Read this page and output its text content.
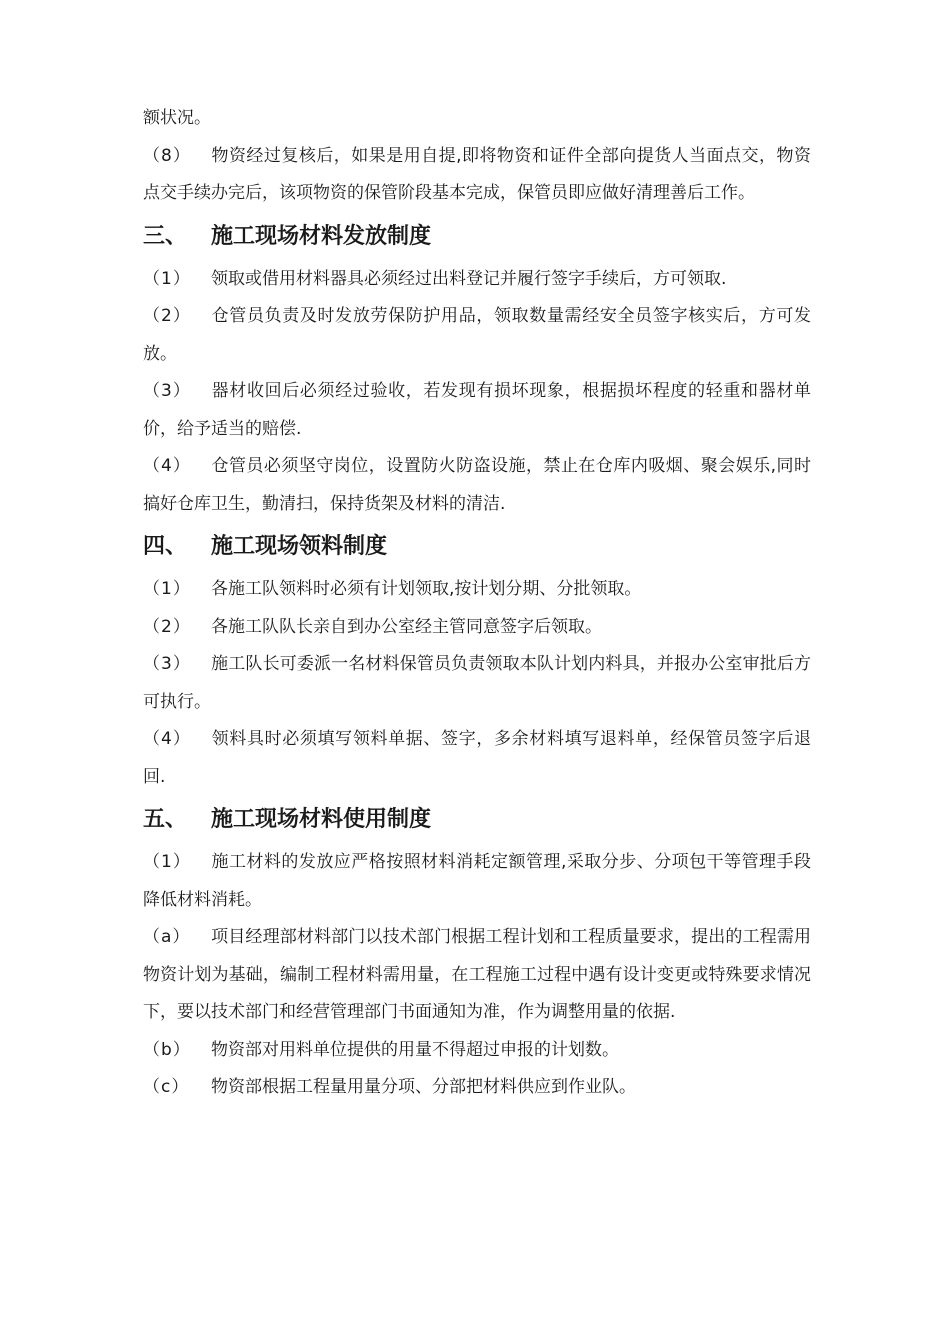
额状况。

（8） 物资经过复核后，如果是用自提,即将物资和证件全部向提货人当面点交，物资点交手续办完后，该项物资的保管阶段基本完成，保管员即应做好清理善后工作。

三、 施工现场材料发放制度

（1） 领取或借用材料器具必须经过出料登记并履行签字手续后，方可领取.

（2） 仓管员负责及时发放劳保防护用品，领取数量需经安全员签字核实后，方可发放。

（3） 器材收回后必须经过验收，若发现有损坏现象，根据损坏程度的轻重和器材单价，给予适当的赔偿.

（4） 仓管员必须坚守岗位，设置防火防盗设施，禁止在仓库内吸烟、聚会娱乐,同时搞好仓库卫生，勤清扫，保持货架及材料的清洁.

四、 施工现场领料制度

（1） 各施工队领料时必须有计划领取,按计划分期、分批领取。

（2） 各施工队队长亲自到办公室经主管同意签字后领取。

（3） 施工队长可委派一名材料保管员负责领取本队计划内料具，并报办公室审批后方可执行。

（4） 领料具时必须填写领料单据、签字，多余材料填写退料单，经保管员签字后退回.

五、 施工现场材料使用制度

（1） 施工材料的发放应严格按照材料消耗定额管理,采取分步、分项包干等管理手段降低材料消耗。

（a） 项目经理部材料部门以技术部门根据工程计划和工程质量要求，提出的工程需用物资计划为基础，编制工程材料需用量，在工程施工过程中遇有设计变更或特殊要求情况下，要以技术部门和经营管理部门书面通知为准，作为调整用量的依据.

（b） 物资部对用料单位提供的用量不得超过申报的计划数。

（c） 物资部根据工程量用量分项、分部把材料供应到作业队。
